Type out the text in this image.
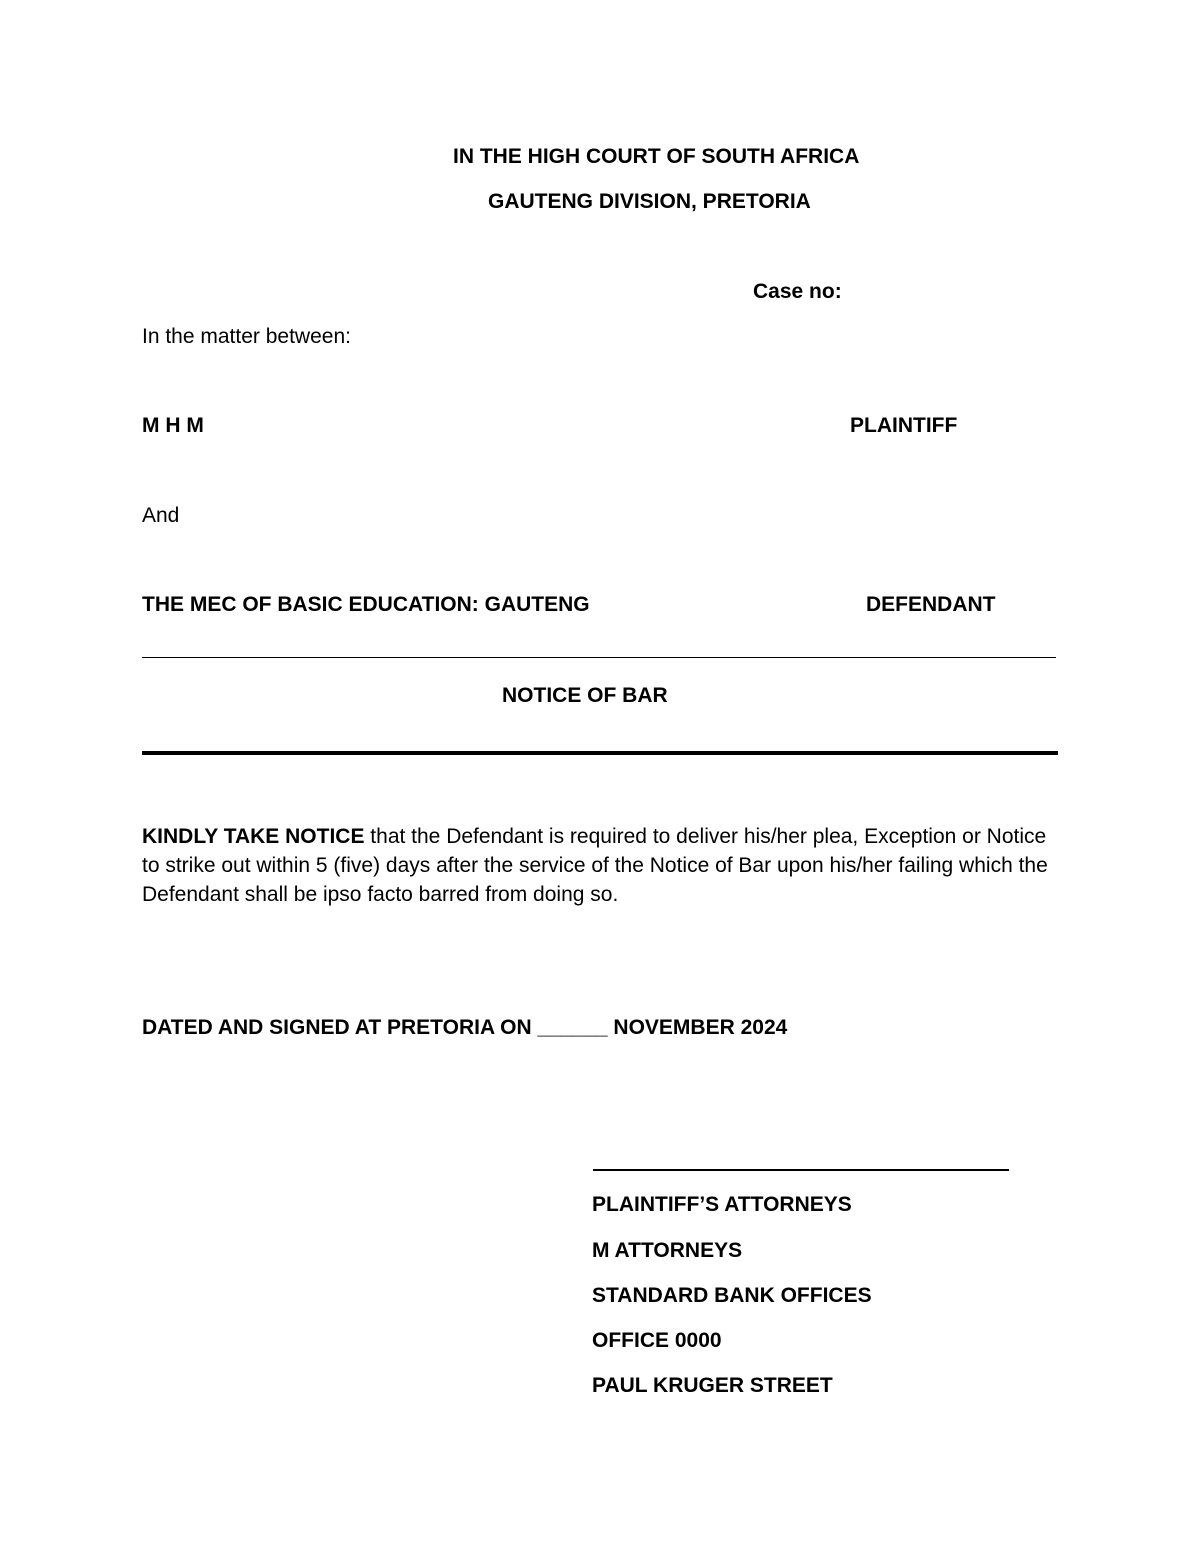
IN THE HIGH COURT OF SOUTH AFRICA
GAUTENG DIVISION, PRETORIA
Case no:
In the matter between:
M H M	PLAINTIFF
And
THE MEC OF BASIC EDUCATION: GAUTENG	DEFENDANT
NOTICE OF BAR
KINDLY TAKE NOTICE that the Defendant is required to deliver his/her plea, Exception or Notice to strike out within 5 (five) days after the service of the Notice of Bar upon his/her failing which the Defendant shall be ipso facto barred from doing so.
DATED AND SIGNED AT PRETORIA ON ______ NOVEMBER 2024
PLAINTIFF’S ATTORNEYS
M ATTORNEYS
STANDARD BANK OFFICES
OFFICE 0000
PAUL KRUGER STREET
